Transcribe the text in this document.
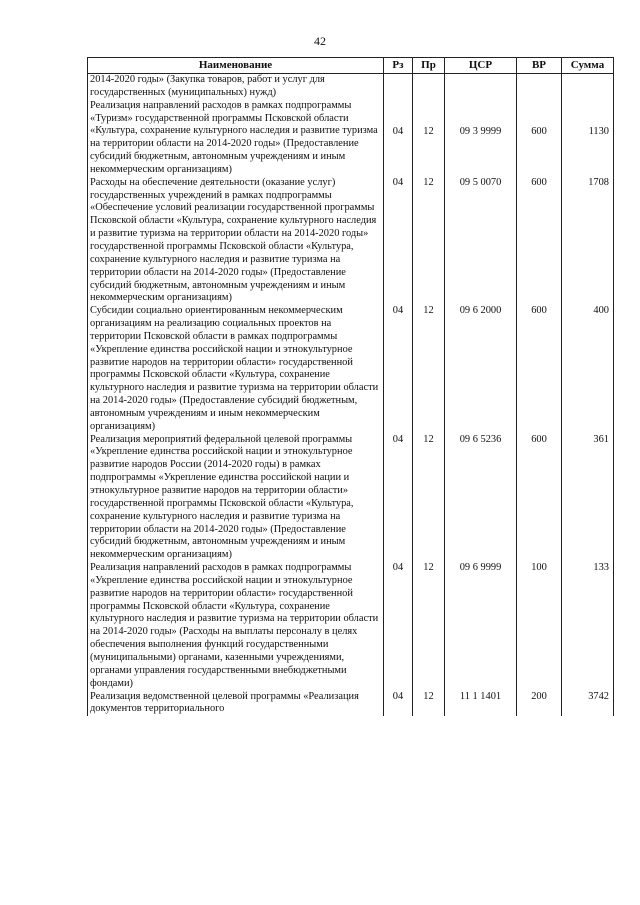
42
Наименование	Рз	Пр	ЦСР	ВР	Сумма
2014-2020 годы» (Закупка товаров, работ и услуг для государственных (муниципальных) нужд)					
Реализация направлений расходов в рамках подпрограммы «Туризм» государственной программы Псковской области «Культура, сохранение культурного наследия и развитие туризма на территории области на 2014-2020 годы» (Предоставление субсидий бюджетным, автономным учреждениям и иным некоммерческим организациям)	04	12	09 3 9999	600	1130
Расходы на обеспечение деятельности (оказание услуг) государственных учреждений в рамках подпрограммы «Обеспечение условий реализации государственной программы Псковской области «Культура, сохранение культурного наследия и развитие туризма на территории области на 2014-2020 годы» государственной программы Псковской области «Культура, сохранение культурного наследия и развитие туризма на территории области на 2014-2020 годы» (Предоставление субсидий бюджетным, автономным учреждениям и иным некоммерческим организациям)	04	12	09 5 0070	600	1708
Субсидии социально ориентированным некоммерческим организациям на реализацию социальных проектов на территории Псковской области в рамках подпрограммы «Укрепление единства российской нации и этнокультурное развитие народов на территории области» государственной программы Псковской области «Культура, сохранение культурного наследия и развитие туризма на территории области на 2014-2020 годы» (Предоставление субсидий бюджетным, автономным учреждениям и иным некоммерческим организациям)	04	12	09 6 2000	600	400
Реализация мероприятий федеральной целевой программы «Укрепление единства российской нации и этнокультурное развитие народов России (2014-2020 годы) в рамках подпрограммы «Укрепление единства российской нации и этнокультурное развитие народов на территории области» государственной программы Псковской области «Культура, сохранение культурного наследия и развитие туризма на территории области на 2014-2020 годы» (Предоставление субсидий бюджетным, автономным учреждениям и иным некоммерческим организациям)	04	12	09 6 5236	600	361
Реализация направлений расходов в рамках подпрограммы «Укрепление единства российской нации и этнокультурное развитие народов на территории области» государственной программы Псковской области «Культура, сохранение культурного наследия и развитие туризма на территории области на 2014-2020 годы» (Расходы на выплаты персоналу в целях обеспечения выполнения функций государственными (муниципальными) органами, казенными учреждениями, органами управления государственными внебюджетными фондами)	04	12	09 6 9999	100	133
Реализация ведомственной целевой программы «Реализация документов территориального	04	12	11 1 1401	200	3742
